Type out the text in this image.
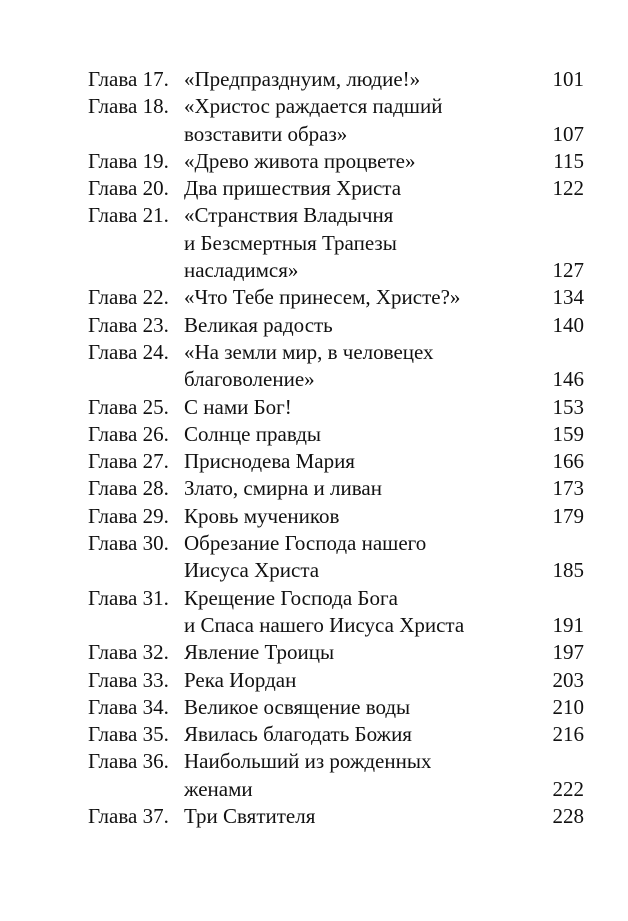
Глава 17. «Предпразднуим, людие!»	101
Глава 18. «Христос раждается падший
возставити образ»	107
Глава 19. «Древо живота процвете»	115
Глава 20. Два пришествия Христа	122
Глава 21. «Странствия Владычня
и Безсмертныя Трапезы
насладимся»	127
Глава 22. «Что Тебе принесем, Христе?»	134
Глава 23. Великая радость	140
Глава 24. «На земли мир, в человецех
благоволение»	146
Глава 25. С нами Бог!	153
Глава 26. Солнце правды	159
Глава 27. Приснодева Мария	166
Глава 28. Злато, смирна и ливан	173
Глава 29. Кровь мучеников	179
Глава 30. Обрезание Господа нашего
Иисуса Христа	185
Глава 31. Крещение Господа Бога
и Спаса нашего Иисуса Христа	191
Глава 32. Явление Троицы	197
Глава 33. Река Иордан	203
Глава 34. Великое освящение воды	210
Глава 35. Явилась благодать Божия	216
Глава 36. Наибольший из рожденных
женами	222
Глава 37. Три Святителя	228
